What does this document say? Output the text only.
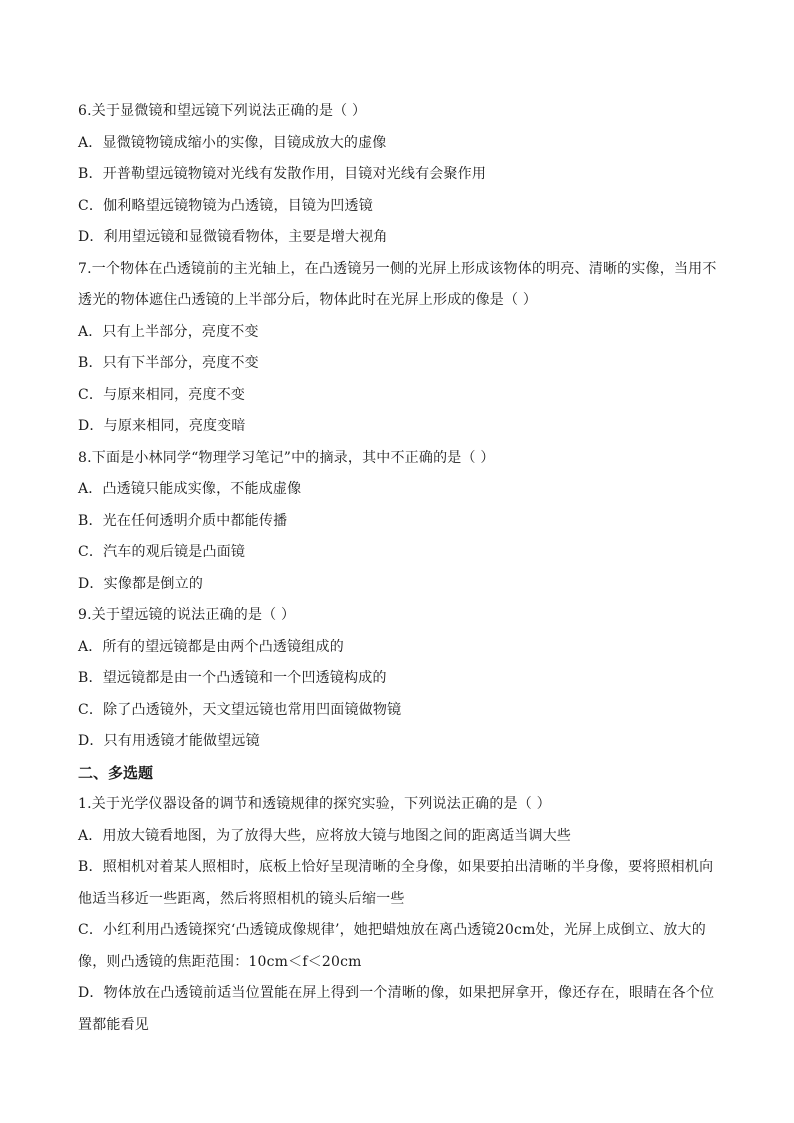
6.关于显微镜和望远镜下列说法正确的是（ ）
A．显微镜物镜成缩小的实像，目镜成放大的虚像
B．开普勒望远镜物镜对光线有发散作用，目镜对光线有会聚作用
C．伽利略望远镜物镜为凸透镜，目镜为凹透镜
D．利用望远镜和显微镜看物体，主要是增大视角
7.一个物体在凸透镜前的主光轴上，在凸透镜另一侧的光屏上形成该物体的明亮、清晰的实像，当用不透光的物体遮住凸透镜的上半部分后，物体此时在光屏上形成的像是（ ）
A．只有上半部分，亮度不变
B．只有下半部分，亮度不变
C．与原来相同，亮度不变
D．与原来相同，亮度变暗
8.下面是小林同学“物理学习笔记”中的摘录，其中不正确的是（ ）
A．凸透镜只能成实像，不能成虚像
B．光在任何透明介质中都能传播
C．汽车的观后镜是凸面镜
D．实像都是倒立的
9.关于望远镜的说法正确的是（ ）
A．所有的望远镜都是由两个凸透镜组成的
B．望远镜都是由一个凸透镜和一个凹透镜构成的
C．除了凸透镜外，天文望远镜也常用凹面镜做物镜
D．只有用透镜才能做望远镜
二、多选题
1.关于光学仪器设备的调节和透镜规律的探究实验，下列说法正确的是（ ）
A．用放大镜看地图，为了放得大些，应将放大镜与地图之间的距离适当调大些
B．照相机对着某人照相时，底板上恰好呈现清晰的全身像，如果要拍出清晰的半身像，要将照相机向他适当移近一些距离，然后将照相机的镜头后缩一些
C．小红利用凸透镜探究‘凸透镜成像规律’，她把蜡烛放在离凸透镜20cm处，光屏上成倒立、放大的像，则凸透镜的焦距范围：10cm＜f＜20cm
D．物体放在凸透镜前适当位置能在屏上得到一个清晰的像，如果把屏拿开，像还存在，眼睛在各个位置都能看见
